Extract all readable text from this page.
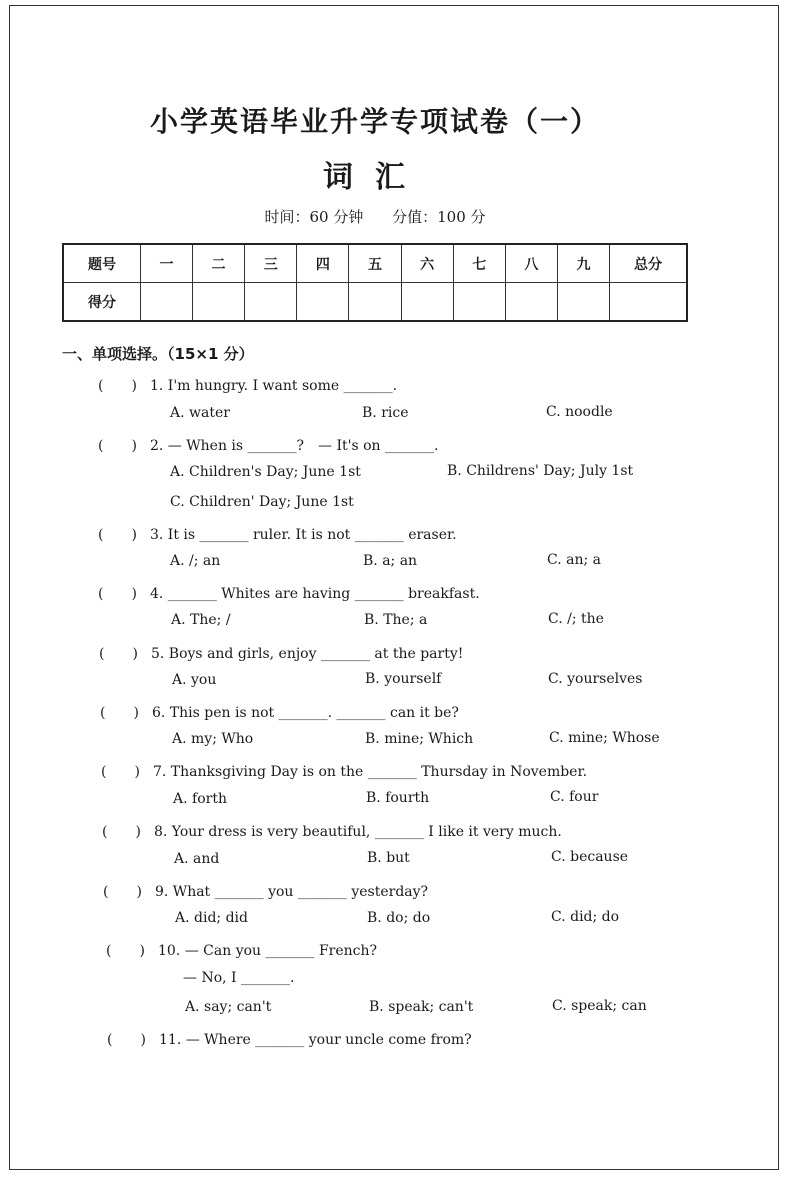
小学英语毕业升学专项试卷（一）
词汇
时间：60 分钟 分值：100 分
题号	一	二	三	四	五	六	七	八	九	总分
得分										
一、单项选择。（15×1 分）
(　　) 1. I'm hungry. I want some _______.
A. water	B. rice	C. noodle
(　　) 2. — When is _______?　— It's on _______.
A. Children's Day; June 1st	B. Childrens' Day; July 1st
C. Children' Day; June 1st
(　　) 3. It is _______ ruler. It is not _______ eraser.
A. /; an	B. a; an	C. an; a
(　　) 4. _______ Whites are having _______ breakfast.
A. The; /	B. The; a	C. /; the
(　　) 5. Boys and girls, enjoy _______ at the party!
A. you	B. yourself	C. yourselves
(　　) 6. This pen is not _______. _______ can it be?
A. my; Who	B. mine; Which	C. mine; Whose
(　　) 7. Thanksgiving Day is on the _______ Thursday in November.
A. forth	B. fourth	C. four
(　　) 8. Your dress is very beautiful, _______ I like it very much.
A. and	B. but	C. because
(　　) 9. What _______ you _______ yesterday?
A. did; did	B. do; do	C. did; do
(　　) 10. — Can you _______ French?
— No, I _______.
A. say; can't	B. speak; can't	C. speak; can
(　　) 11. — Where _______ your uncle come from?
